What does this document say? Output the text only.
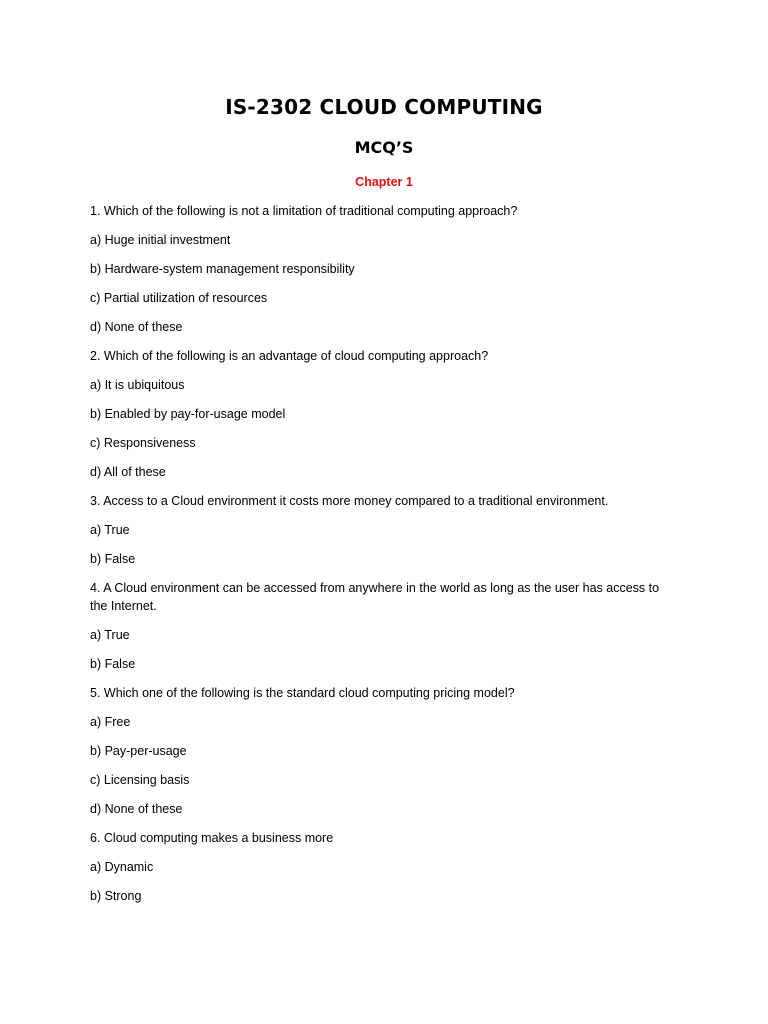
IS-2302 CLOUD COMPUTING
MCQ’S
Chapter 1

1. Which of the following is not a limitation of traditional computing approach?

a) Huge initial investment

b) Hardware-system management responsibility

c) Partial utilization of resources

d) None of these

2. Which of the following is an advantage of cloud computing approach?

a) It is ubiquitous

b) Enabled by pay-for-usage model

c) Responsiveness

d) All of these

3. Access to a Cloud environment it costs more money compared to a traditional environment.

a) True

b) False

4. A Cloud environment can be accessed from anywhere in the world as long as the user has access to the Internet.

a) True

b) False

5. Which one of the following is the standard cloud computing pricing model?

a) Free

b) Pay-per-usage

c) Licensing basis

d) None of these

6. Cloud computing makes a business more

a) Dynamic

b) Strong
